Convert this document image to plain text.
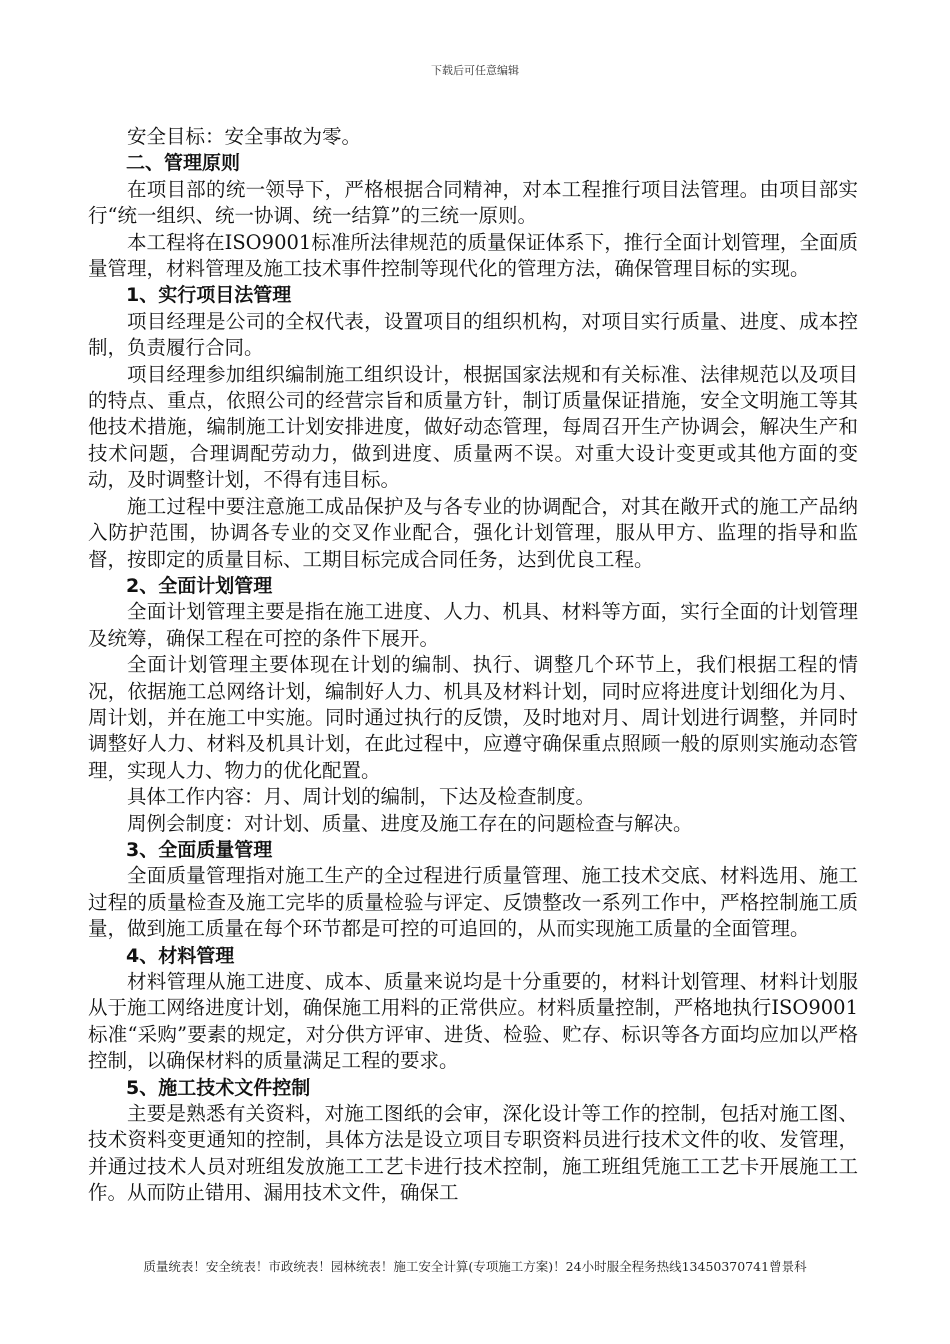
下载后可任意编辑

安全目标：安全事故为零。

二、管理原则

在项目部的统一领导下，严格根据合同精神，对本工程推行项目法管理。由项目部实行“统一组织、统一协调、统一结算”的三统一原则。

本工程将在ISO9001标准所法律规范的质量保证体系下，推行全面计划管理，全面质量管理，材料管理及施工技术事件控制等现代化的管理方法，确保管理目标的实现。

1、实行项目法管理

项目经理是公司的全权代表，设置项目的组织机构，对项目实行质量、进度、成本控制，负责履行合同。

项目经理参加组织编制施工组织设计，根据国家法规和有关标准、法律规范以及项目的特点、重点，依照公司的经营宗旨和质量方针，制订质量保证措施，安全文明施工等其他技术措施，编制施工计划安排进度，做好动态管理，每周召开生产协调会，解决生产和技术问题，合理调配劳动力，做到进度、质量两不误。对重大设计变更或其他方面的变动，及时调整计划，不得有违目标。

施工过程中要注意施工成品保护及与各专业的协调配合，对其在敞开式的施工产品纳入防护范围，协调各专业的交叉作业配合，强化计划管理，服从甲方、监理的指导和监督，按即定的质量目标、工期目标完成合同任务，达到优良工程。

2、全面计划管理

全面计划管理主要是指在施工进度、人力、机具、材料等方面，实行全面的计划管理及统筹，确保工程在可控的条件下展开。

全面计划管理主要体现在计划的编制、执行、调整几个环节上，我们根据工程的情况，依据施工总网络计划，编制好人力、机具及材料计划，同时应将进度计划细化为月、周计划，并在施工中实施。同时通过执行的反馈，及时地对月、周计划进行调整，并同时调整好人力、材料及机具计划，在此过程中，应遵守确保重点照顾一般的原则实施动态管理，实现人力、物力的优化配置。

具体工作内容：月、周计划的编制，下达及检查制度。

周例会制度：对计划、质量、进度及施工存在的问题检查与解决。

3、全面质量管理

全面质量管理指对施工生产的全过程进行质量管理、施工技术交底、材料选用、施工过程的质量检查及施工完毕的质量检验与评定、反馈整改一系列工作中，严格控制施工质量，做到施工质量在每个环节都是可控的可追回的，从而实现施工质量的全面管理。

4、材料管理

材料管理从施工进度、成本、质量来说均是十分重要的，材料计划管理、材料计划服从于施工网络进度计划，确保施工用料的正常供应。材料质量控制，严格地执行ISO9001标准“采购”要素的规定，对分供方评审、进货、检验、贮存、标识等各方面均应加以严格控制，以确保材料的质量满足工程的要求。

5、施工技术文件控制

主要是熟悉有关资料，对施工图纸的会审，深化设计等工作的控制，包括对施工图、技术资料变更通知的控制，具体方法是设立项目专职资料员进行技术文件的收、发管理，并通过技术人员对班组发放施工工艺卡进行技术控制，施工班组凭施工工艺卡开展施工工作。从而防止错用、漏用技术文件，确保工

质量统表！安全统表！市政统表！园林统表！施工安全计算(专项施工方案)！24小时服全程务热线13450370741曾景科
